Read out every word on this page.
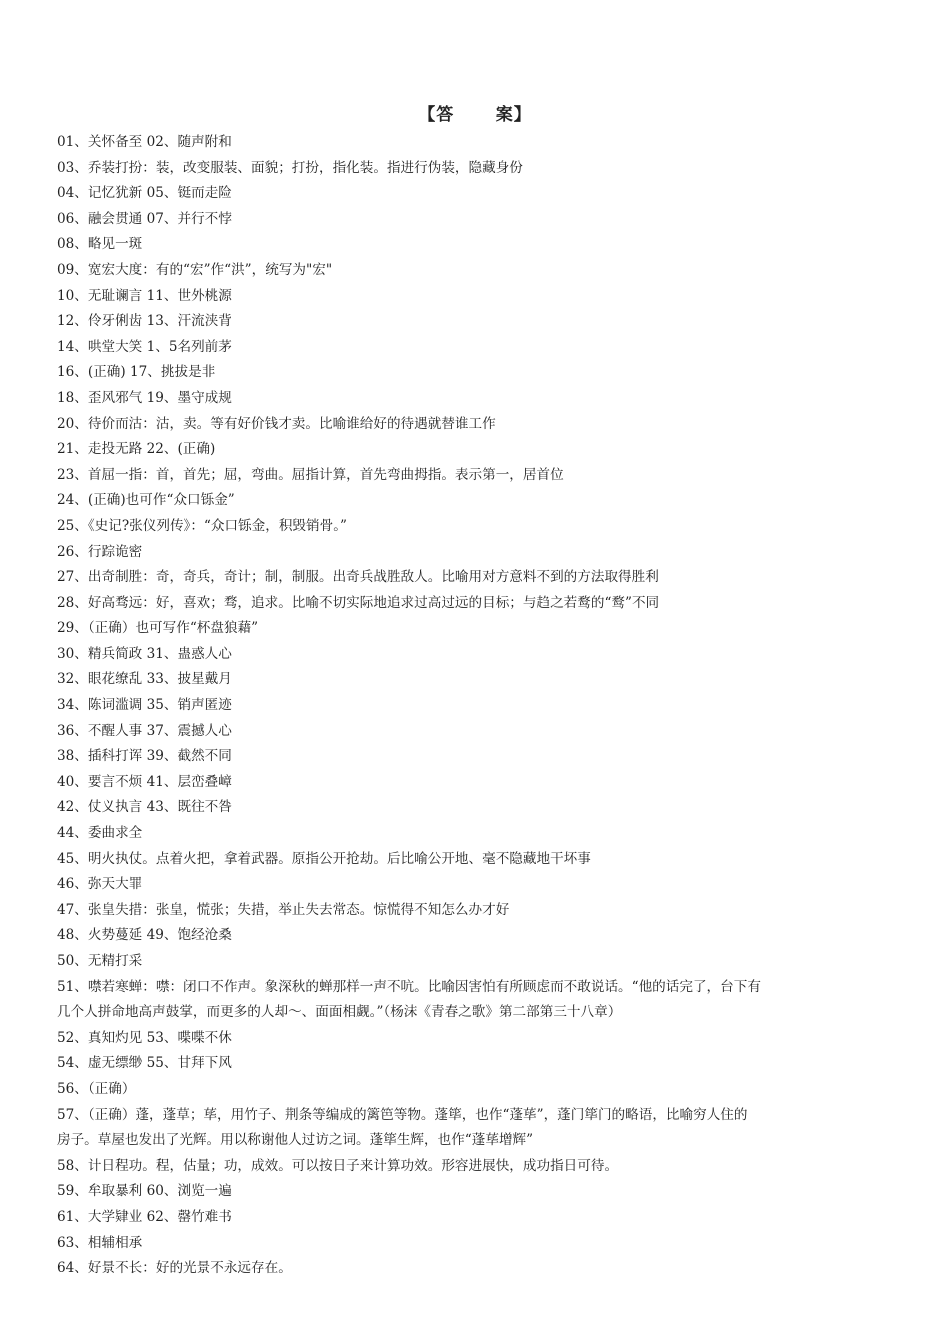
【答      案】
01、关怀备至 02、随声附和
03、乔装打扮：装，改变服装、面貌；打扮，指化装。指进行伪装，隐藏身份
04、记忆犹新 05、铤而走险
06、融会贯通 07、并行不悖
08、略见一斑
09、宽宏大度：有的“宏”作“洪”，统写为"宏"
10、无耻谰言 11、世外桃源
12、伶牙俐齿 13、汗流浃背
14、哄堂大笑 1、5名列前茅
16、(正确) 17、挑拔是非
18、歪风邪气 19、墨守成规
20、待价而沽：沽，卖。等有好价钱才卖。比喻谁给好的待遇就替谁工作
21、走投无路 22、(正确)
23、首屈一指：首，首先；屈，弯曲。屈指计算，首先弯曲拇指。表示第一，居首位
24、(正确)也可作“众口铄金”
25、《史记?张仪列传》：“众口铄金，积毁销骨。”
26、行踪诡密
27、出奇制胜：奇，奇兵，奇计；制，制服。出奇兵战胜敌人。比喻用对方意料不到的方法取得胜利
28、好高骛远：好，喜欢；骛，追求。比喻不切实际地追求过高过远的目标；与趋之若鹜的“鹜”不同
29、（正确）也可写作“杯盘狼藉”
30、精兵简政 31、蛊惑人心
32、眼花缭乱 33、披星戴月
34、陈词滥调 35、销声匿迹
36、不醒人事 37、震撼人心
38、插科打诨 39、截然不同
40、要言不烦 41、层峦叠嶂
42、仗义执言 43、既往不咎
44、委曲求全
45、明火执仗。点着火把，拿着武器。原指公开抢劫。后比喻公开地、毫不隐藏地干坏事
46、弥天大罪
47、张皇失措：张皇，慌张；失措，举止失去常态。惊慌得不知怎么办才好
48、火势蔓延 49、饱经沧桑
50、无精打采
51、噤若寒蝉：噤：闭口不作声。象深秋的蝉那样一声不吭。比喻因害怕有所顾虑而不敢说话。“他的话完了，台下有
几个人拼命地高声鼓掌，而更多的人却～、面面相觑。”（杨沫《青春之歌》第二部第三十八章）
52、真知灼见 53、喋喋不休
54、虚无缥缈 55、甘拜下风
56、（正确）
57、（正确）蓬，蓬草；荜，用竹子、荆条等编成的篱笆等物。蓬筚，也作“蓬荜”，蓬门筚门的略语，比喻穷人住的
房子。草屋也发出了光辉。用以称谢他人过访之词。蓬筚生辉，也作“蓬荜增辉”
58、计日程功。程，估量；功，成效。可以按日子来计算功效。形容进展快，成功指日可待。
59、牟取暴利 60、浏览一遍
61、大学肄业 62、罄竹难书
63、相辅相承
64、好景不长：好的光景不永远存在。
